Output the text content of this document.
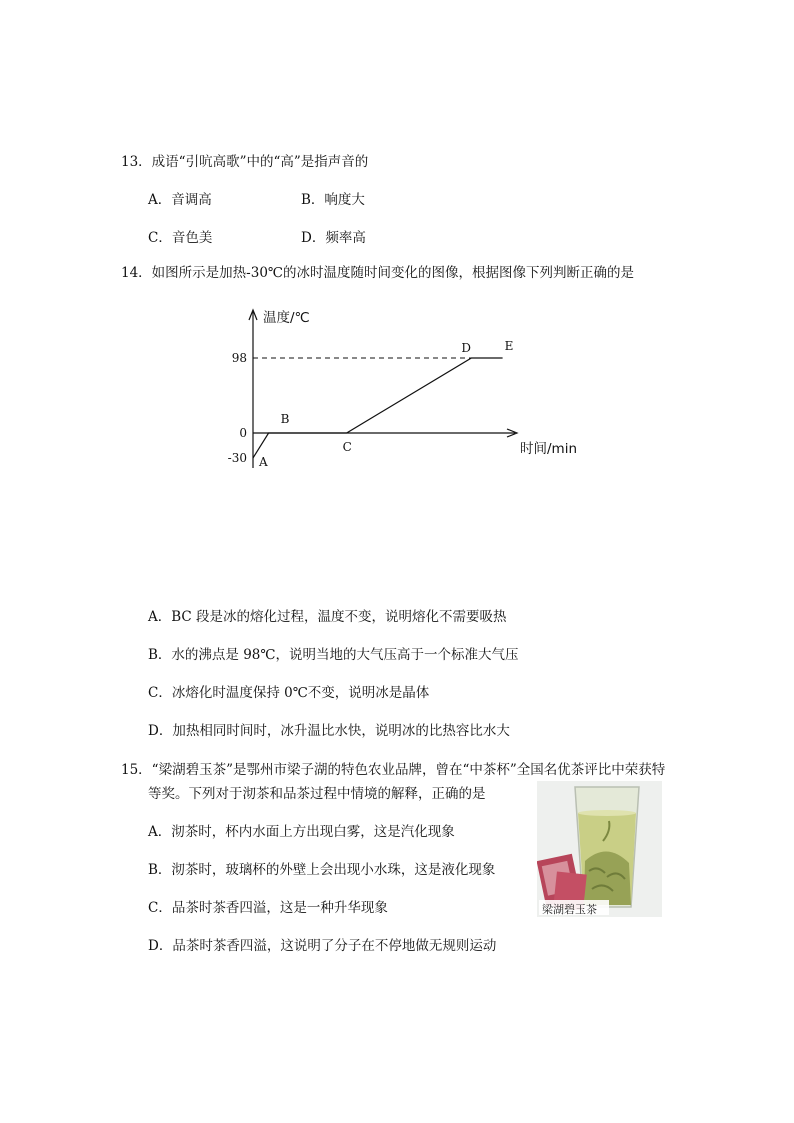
13．成语“引吭高歌”中的“高”是指声音的
A．音调高	B．响度大
C．音色美	D．频率高
14．如图所示是加热-30℃的冰时温度随时间变化的图像，根据图像下列判断正确的是
98
0
-30 A
B
C
D	E
温度/℃
时间/min
A．BC 段是冰的熔化过程，温度不变，说明熔化不需要吸热
B．水的沸点是 98℃，说明当地的大气压高于一个标准大气压
C．冰熔化时温度保持 0℃不变，说明冰是晶体
D．加热相同时间时，冰升温比水快，说明冰的比热容比水大
15．“梁湖碧玉茶”是鄂州市梁子湖的特色农业品牌，曾在“中茶杯”全国名优茶评比中荣获特
等奖。下列对于沏茶和品茶过程中情境的解释，正确的是
A．沏茶时，杯内水面上方出现白雾，这是汽化现象
B．沏茶时，玻璃杯的外壁上会出现小水珠，这是液化现象
C．品茶时茶香四溢，这是一种升华现象
D．品茶时茶香四溢，这说明了分子在不停地做无规则运动
梁湖碧玉茶
